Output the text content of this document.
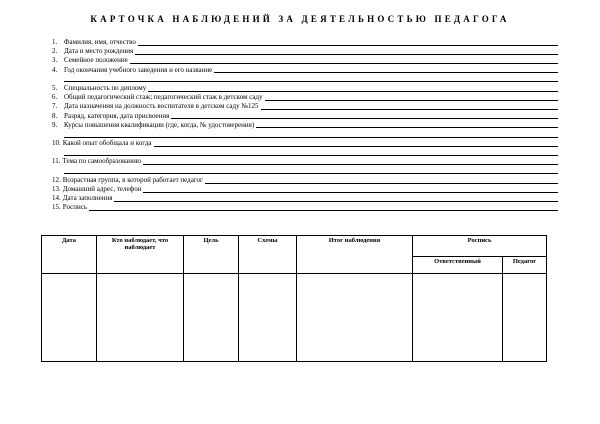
КАРТОЧКА НАБЛЮДЕНИЙ ЗА ДЕЯТЕЛЬНОСТЬЮ ПЕДАГОГА
1. Фамилия, имя, отчество
2. Дата и место рождения
3. Семейное положение
4. Год окончания учебного заведения и его название
5. Специальность по диплому
6. Общий педагогический стаж; педагогический стаж в детском саду
7. Дата назначения на должность воспитателя в детском саду №125
8. Разряд, категория, дата присвоения
9. Курсы повышения квалификации (где, когда, № удостоверения)
10. Какой опыт обобщала и когда
11. Тема по самообразованию
12. Возрастная группа, в которой работает педагог
13. Домашний адрес, телефон
14. Дата заполнения
15. Роспись
Дата	Кто наблюдает, что наблюдает	Цель	Схемы	Итог наблюдения	Роспись	
					Ответственный	Педагог
